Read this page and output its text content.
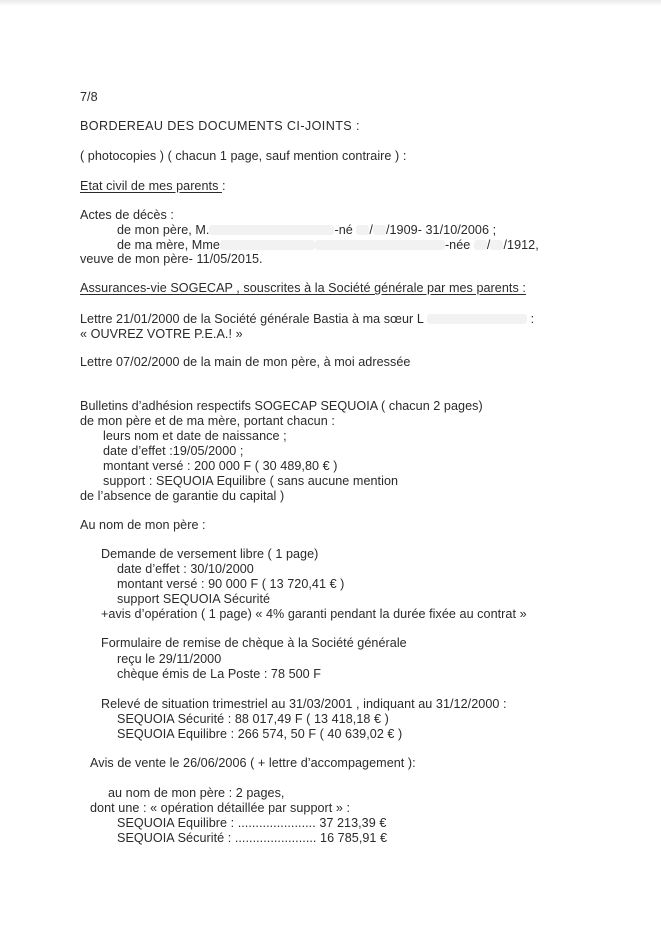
7/8
BORDEREAU DES DOCUMENTS CI-JOINTS :
( photocopies ) ( chacun 1 page, sauf mention contraire ) :
Etat civil de mes parents :
Actes de décès :
de mon père, M.	-né / /1909- 31/10/2006 ;
de ma mère, Mme	-née / /1912,
veuve de mon père- 11/05/2015.
Assurances-vie SOGECAP , souscrites à la Société générale par mes parents :
Lettre 21/01/2000 de la Société générale Bastia à ma sœur L	:
« OUVREZ VOTRE P.E.A.! »
Lettre 07/02/2000 de la main de mon père, à moi adressée
Bulletins d’adhésion respectifs SOGECAP SEQUOIA ( chacun 2 pages)
de mon père et de ma mère, portant chacun :
leurs nom et date de naissance ;
date d’effet :19/05/2000 ;
montant versé : 200 000 F ( 30 489,80 € )
support : SEQUOIA Equilibre ( sans aucune mention
de l’absence de garantie du capital )
Au nom de mon père :
Demande de versement libre ( 1 page)
date d’effet : 30/10/2000
montant versé : 90 000 F ( 13 720,41 € )
support SEQUOIA Sécurité
+avis d’opération ( 1 page) « 4% garanti pendant la durée fixée au contrat »
Formulaire de remise de chèque à la Société générale
reçu le 29/11/2000
chèque émis de La Poste : 78 500 F
Relevé de situation trimestriel au 31/03/2001 , indiquant au 31/12/2000 :
SEQUOIA Sécurité : 88 017,49 F ( 13 418,18 € )
SEQUOIA Equilibre : 266 574, 50 F ( 40 639,02 € )
Avis de vente le 26/06/2006 ( + lettre d’accompagement ):
au nom de mon père : 2 pages,
dont une : « opération détaillée par support » :
SEQUOIA Equilibre : ...................... 37 213,39 €
SEQUOIA Sécurité : ....................... 16 785,91 €
